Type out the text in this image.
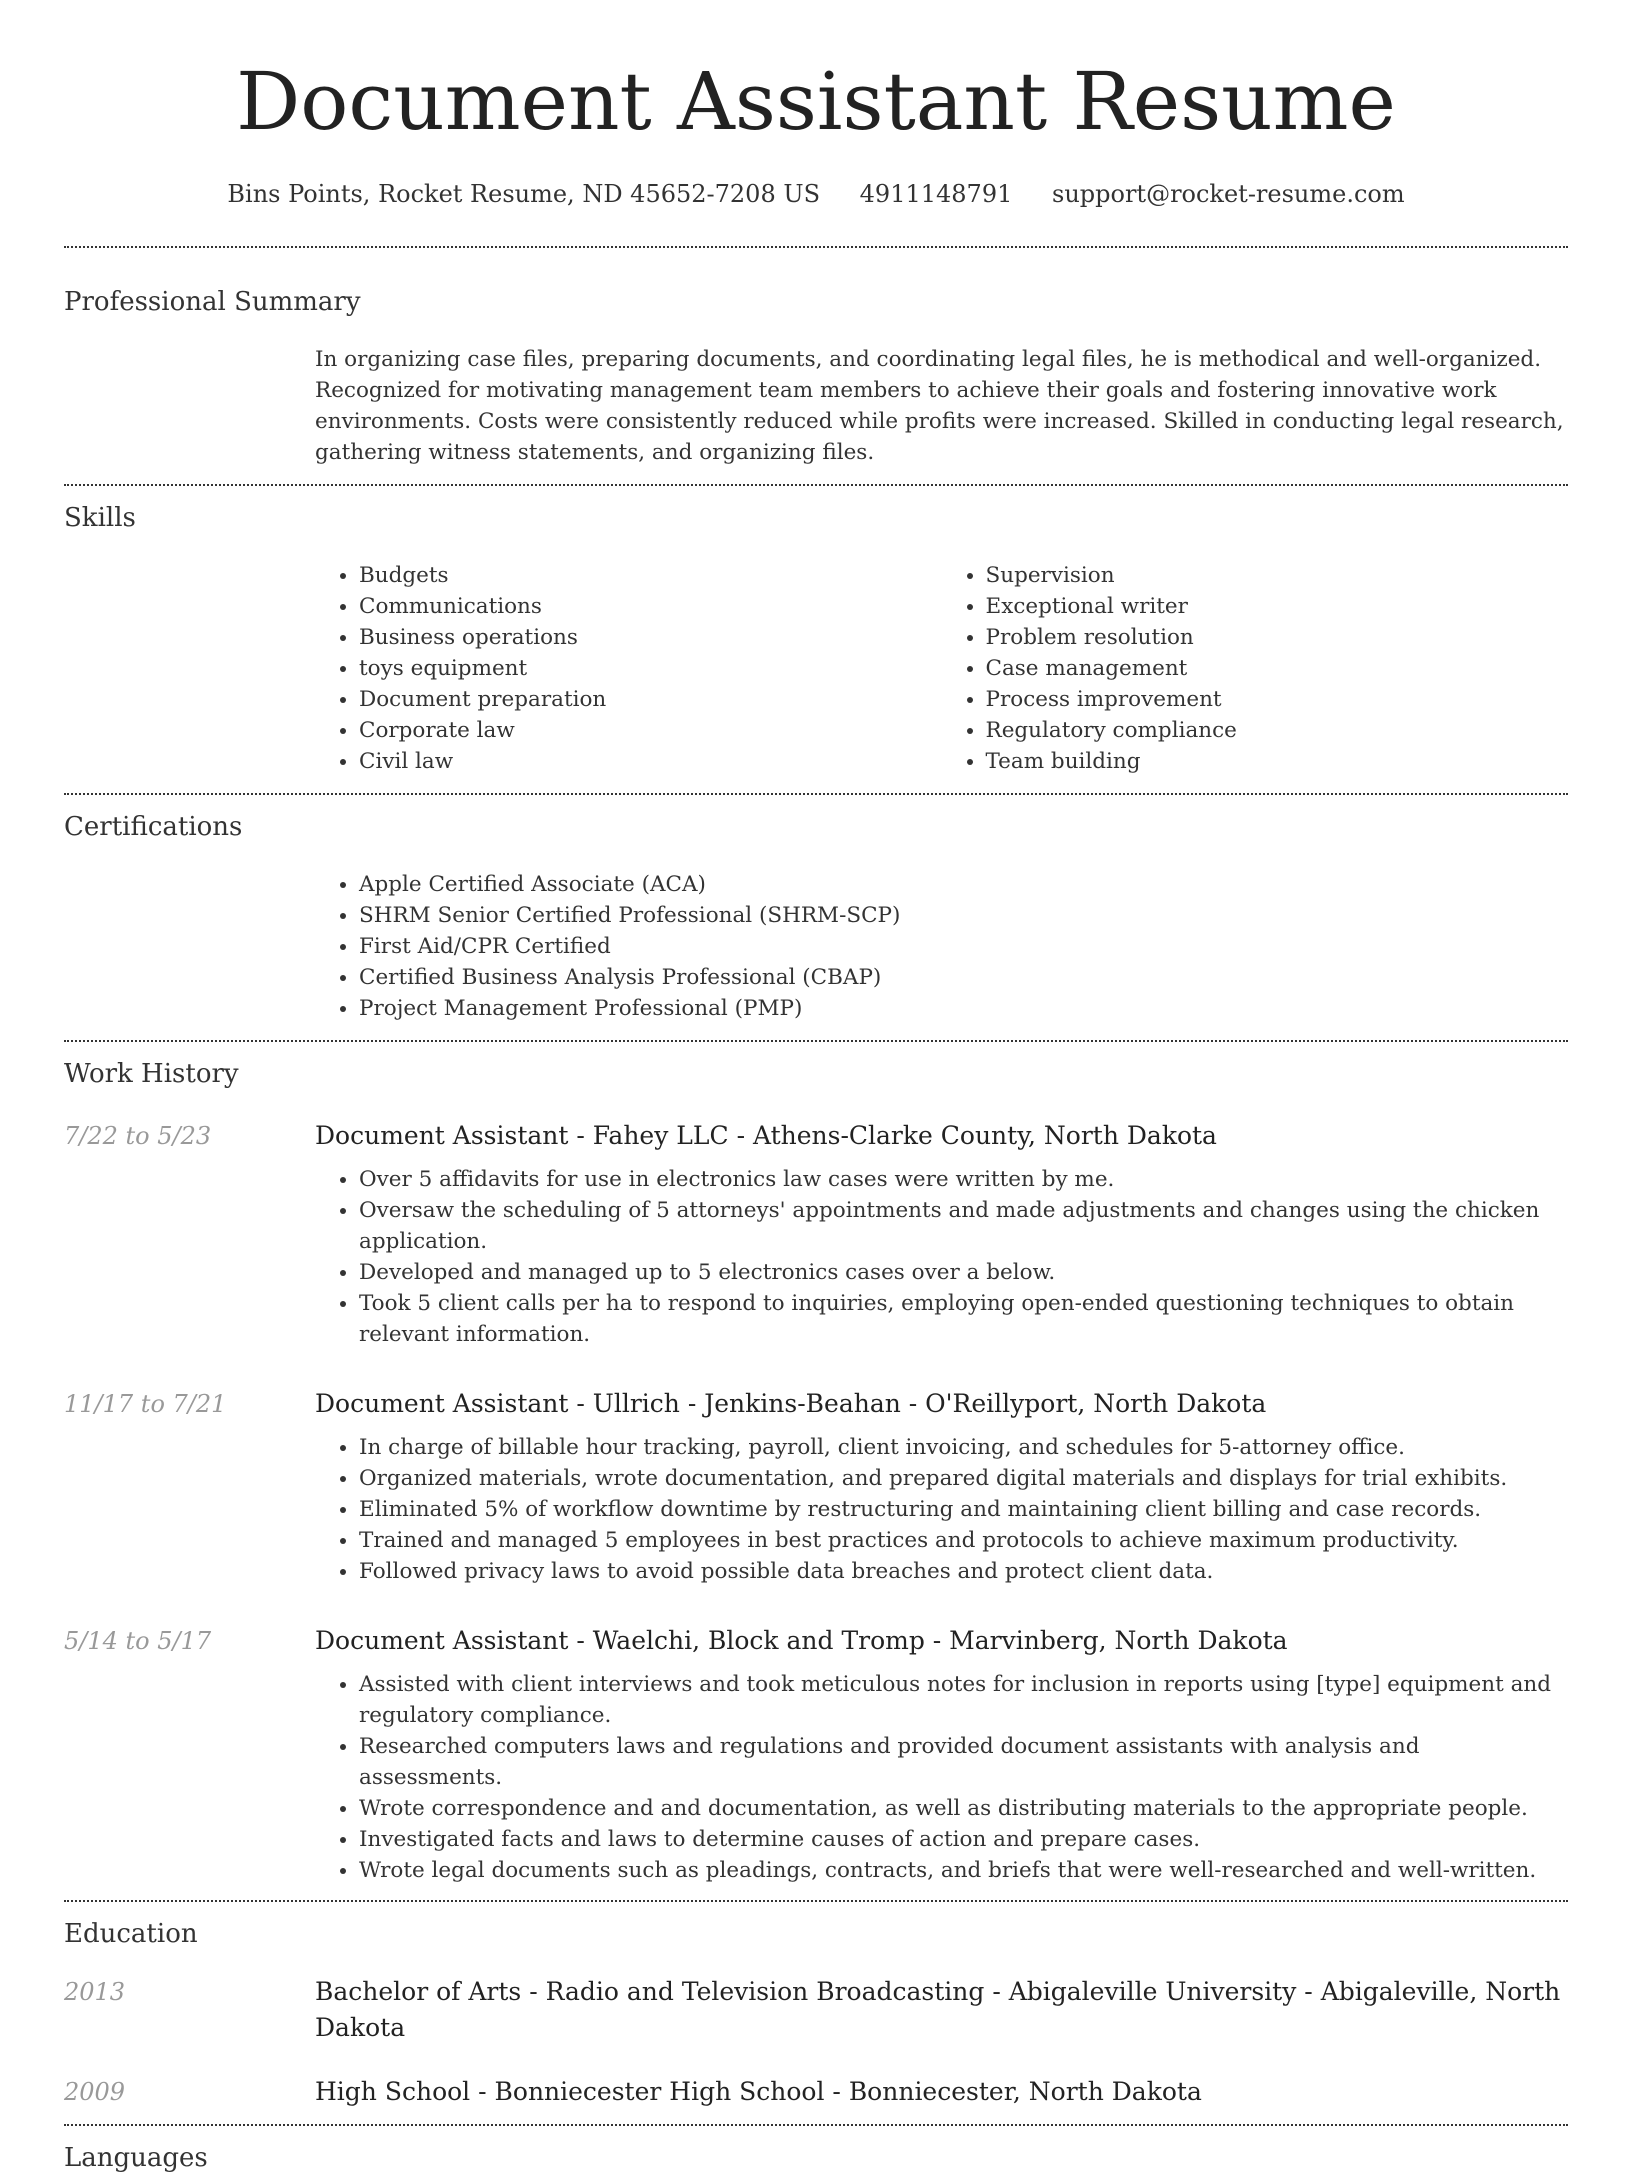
Document Assistant Resume
Bins Points, Rocket Resume, ND 45652-7208 US 4911148791 support@rocket-resume.com
Professional Summary
In organizing case files, preparing documents, and coordinating legal files, he is methodical and well-organized. Recognized for motivating management team members to achieve their goals and fostering innovative work environments. Costs were consistently reduced while profits were increased. Skilled in conducting legal research, gathering witness statements, and organizing files.
Skills
• Budgets
• Communications
• Business operations
• toys equipment
• Document preparation
• Corporate law
• Civil law
• Supervision
• Exceptional writer
• Problem resolution
• Case management
• Process improvement
• Regulatory compliance
• Team building
Certifications
• Apple Certified Associate (ACA)
• SHRM Senior Certified Professional (SHRM-SCP)
• First Aid/CPR Certified
• Certified Business Analysis Professional (CBAP)
• Project Management Professional (PMP)
Work History
7/22 to 5/23	Document Assistant - Fahey LLC - Athens-Clarke County, North Dakota
• Over 5 affidavits for use in electronics law cases were written by me.
• Oversaw the scheduling of 5 attorneys' appointments and made adjustments and changes using the chicken application.
• Developed and managed up to 5 electronics cases over a below.
• Took 5 client calls per ha to respond to inquiries, employing open-ended questioning techniques to obtain relevant information.
11/17 to 7/21	Document Assistant - Ullrich - Jenkins-Beahan - O'Reillyport, North Dakota
• In charge of billable hour tracking, payroll, client invoicing, and schedules for 5-attorney office.
• Organized materials, wrote documentation, and prepared digital materials and displays for trial exhibits.
• Eliminated 5% of workflow downtime by restructuring and maintaining client billing and case records.
• Trained and managed 5 employees in best practices and protocols to achieve maximum productivity.
• Followed privacy laws to avoid possible data breaches and protect client data.
5/14 to 5/17	Document Assistant - Waelchi, Block and Tromp - Marvinberg, North Dakota
• Assisted with client interviews and took meticulous notes for inclusion in reports using [type] equipment and regulatory compliance.
• Researched computers laws and regulations and provided document assistants with analysis and assessments.
• Wrote correspondence and and documentation, as well as distributing materials to the appropriate people.
• Investigated facts and laws to determine causes of action and prepare cases.
• Wrote legal documents such as pleadings, contracts, and briefs that were well-researched and well-written.
Education
2013	Bachelor of Arts - Radio and Television Broadcasting - Abigaleville University - Abigaleville, North Dakota
2009	High School - Bonniecester High School - Bonniecester, North Dakota
Languages
